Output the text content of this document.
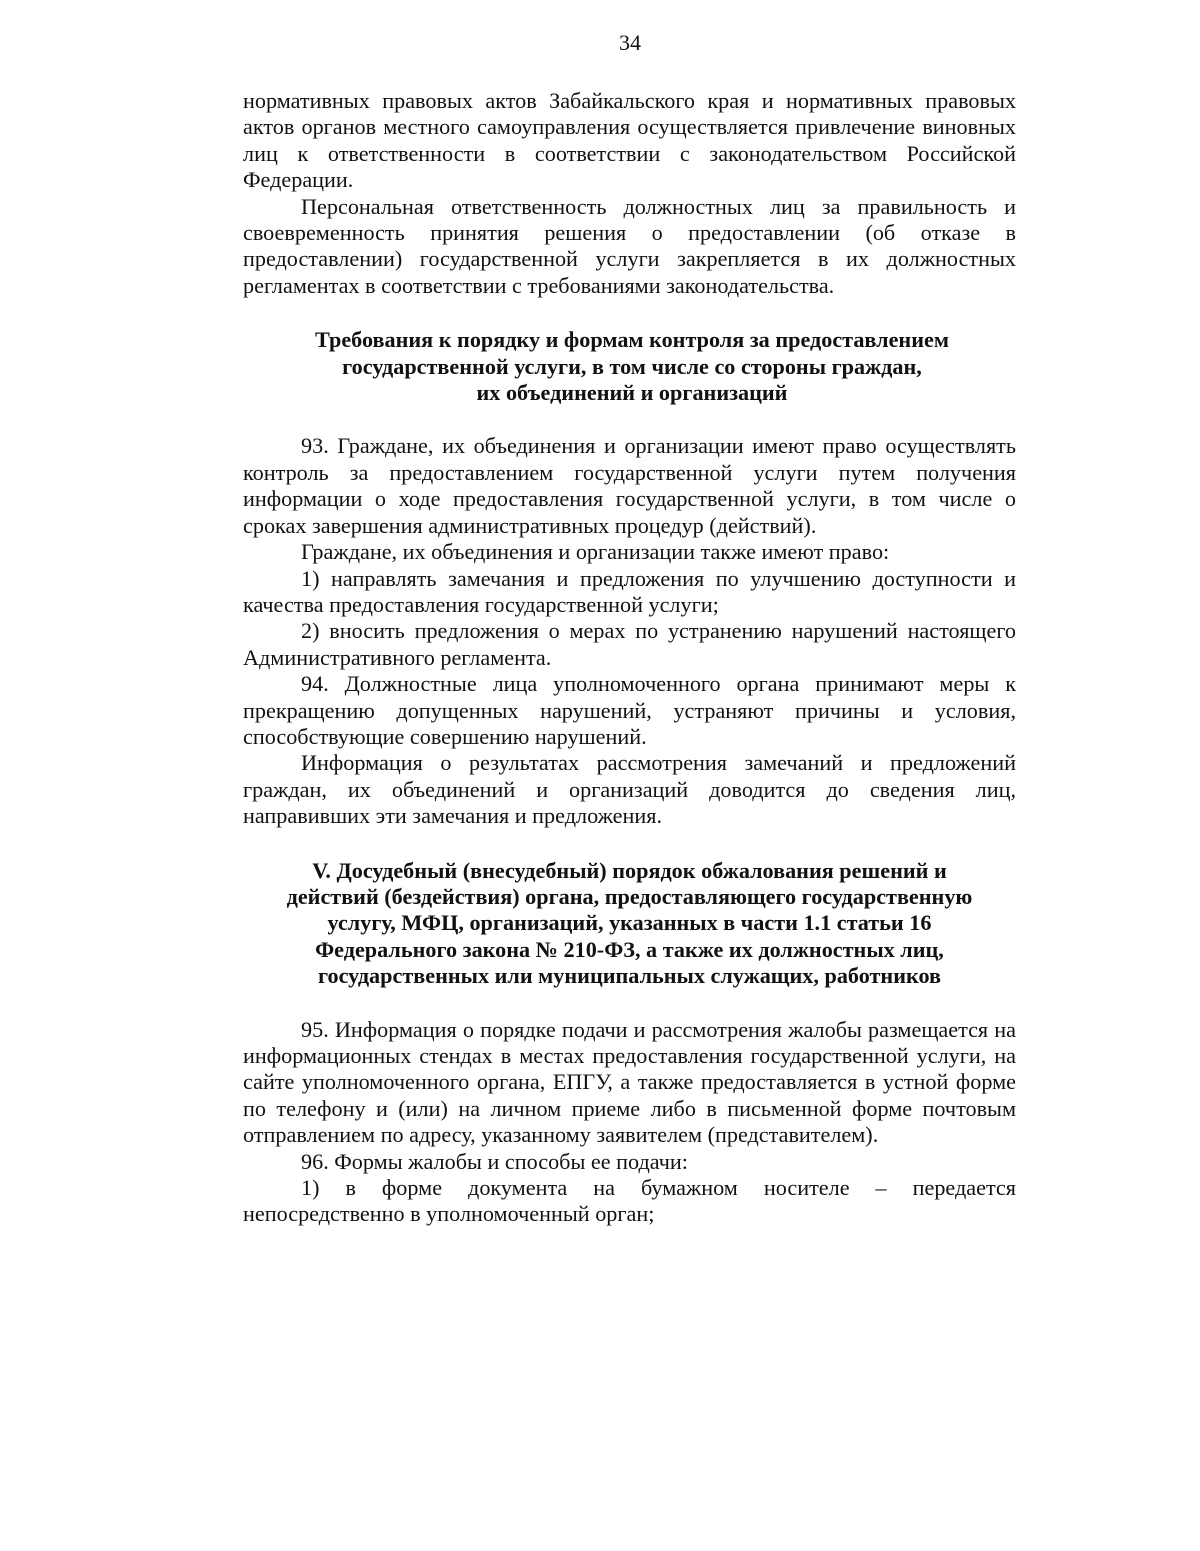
34

нормативных правовых актов Забайкальского края и нормативных правовых актов органов местного самоуправления осуществляется привлечение виновных лиц к ответственности в соответствии с законодательством Российской Федерации.

Персональная ответственность должностных лиц за правильность и своевременность принятия решения о предоставлении (об отказе в предоставлении) государственной услуги закрепляется в их должностных регламентах в соответствии с требованиями законодательства.

Требования к порядку и формам контроля за предоставлением
государственной услуги, в том числе со стороны граждан,
их объединений и организаций

93. Граждане, их объединения и организации имеют право осуществлять контроль за предоставлением государственной услуги путем получения информации о ходе предоставления государственной услуги, в том числе о сроках завершения административных процедур (действий).

Граждане, их объединения и организации также имеют право:

1) направлять замечания и предложения по улучшению доступности и качества предоставления государственной услуги;

2) вносить предложения о мерах по устранению нарушений настоящего Административного регламента.

94. Должностные лица уполномоченного органа принимают меры к прекращению допущенных нарушений, устраняют причины и условия, способствующие совершению нарушений.

Информация о результатах рассмотрения замечаний и предложений граждан, их объединений и организаций доводится до сведения лиц, направивших эти замечания и предложения.

V. Досудебный (внесудебный) порядок обжалования решений и
действий (бездействия) органа, предоставляющего государственную
услугу, МФЦ, организаций, указанных в части 1.1 статьи 16
Федерального закона № 210-ФЗ, а также их должностных лиц,
государственных или муниципальных служащих, работников

95. Информация о порядке подачи и рассмотрения жалобы размещается на информационных стендах в местах предоставления государственной услуги, на сайте уполномоченного органа, ЕПГУ, а также предоставляется в устной форме по телефону и (или) на личном приеме либо в письменной форме почтовым отправлением по адресу, указанному заявителем (представителем).

96. Формы жалобы и способы ее подачи:

1) в форме документа на бумажном носителе – передается непосредственно в уполномоченный орган;
